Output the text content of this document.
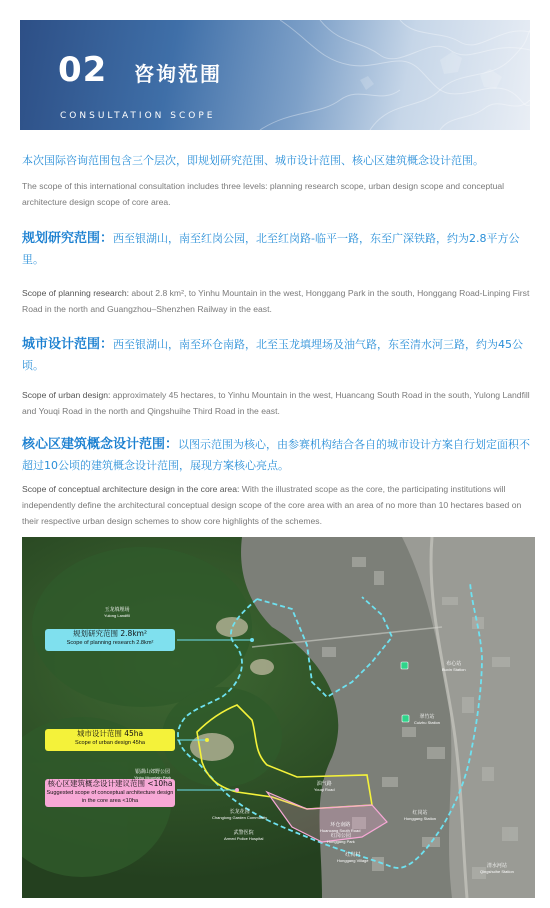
02 咨询范围
CONSULTATION SCOPE
本次国际咨询范围包含三个层次，即规划研究范围、城市设计范围、核心区建筑概念设计范围。
The scope of this international consultation includes three levels: planning research scope, urban design scope and conceptual architecture design scope of core area.
规划研究范围：西至银湖山，南至红岗公园，北至红岗路-临平一路，东至广深铁路，约为2.8平方公里。
Scope of planning research: about 2.8 km², to Yinhu Mountain in the west, Honggang Park in the south, Honggang Road-Linping First Road in the north and Guangzhou–Shenzhen Railway in the east.
城市设计范围：西至银湖山，南至环仓南路，北至玉龙填埋场及油气路，东至清水河三路，约为45公顷。
Scope of urban design: approximately 45 hectares, to Yinhu Mountain in the west, Huancang South Road in the south, Yulong Landfill and Youqi Road in the north and Qingshuihe Third Road in the east.
核心区建筑概念设计范围：以图示范围为核心，由参赛机构结合各自的城市设计方案自行划定面积不超过10公顷的建筑概念设计范围，展现方案核心亮点。
Scope of conceptual architecture design in the core area: With the illustrated scope as the core, the participating institutions will independently define the architectural conceptual design scope of the core area with an area of no more than 10 hectares based on their respective urban design schemes to show core highlights of the schemes.
规划研究范围 2.8km²
Scope of planning research 2.8km²
城市设计范围 45ha
Scope of urban design 45ha
核心区建筑概念设计建议范围 <10ha
Suggested scope of conceptual architecture design
in the core area <10ha
玉龙填埋场
Yulong Landfill
银湖山郊野公园
Yinhu Mountain Park
油气路
Youqi Road
长龙花园
Changlong Garden Community
武警医院
Armed Police Hospital
环仓南路
Huancang South Road
红岗公园
Honggang Park
红岗村
Honggang Village
红岗站
Honggang Station
布心站
Buxin Station
翠竹站
Cuizhu Station
清水河站
Qingshuihe Station
